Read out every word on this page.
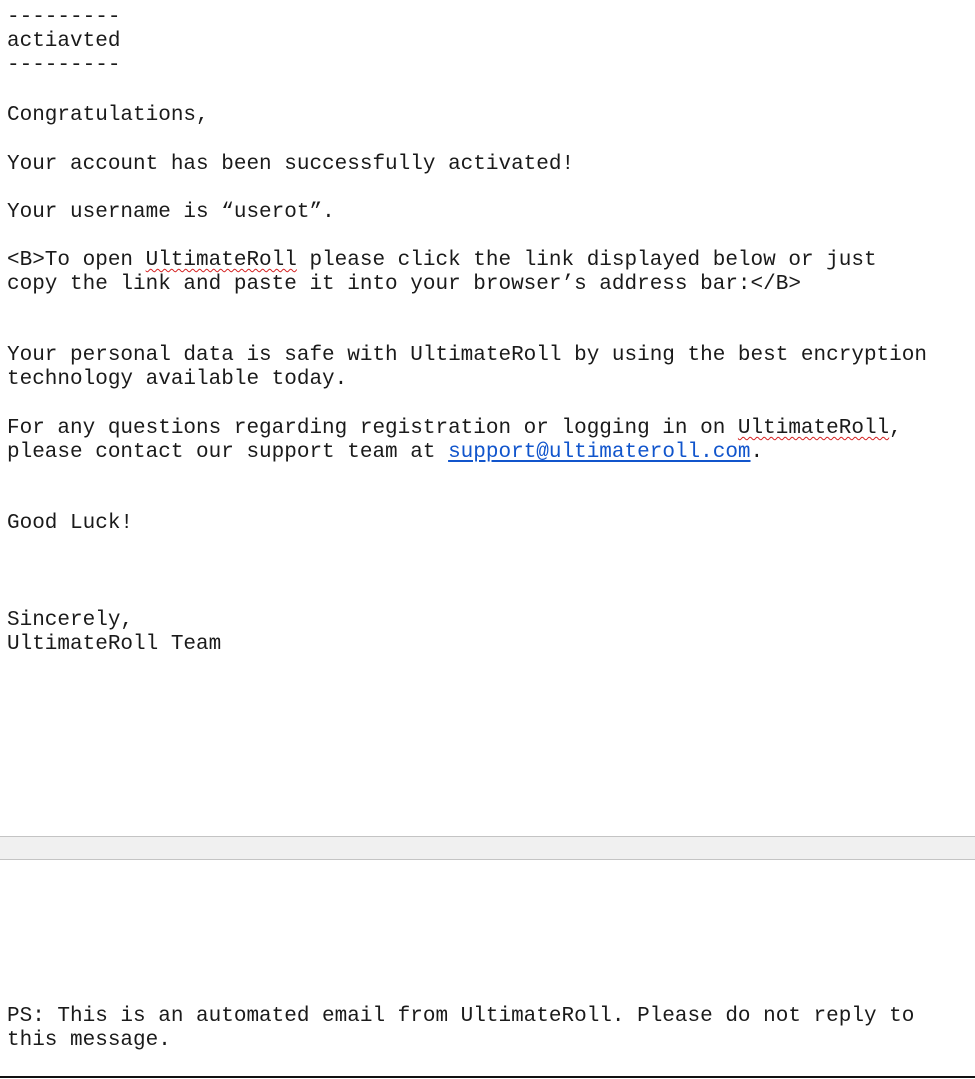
---------
actiavted
---------
Congratulations,
Your account has been successfully activated!
Your username is “userot”.
<B>To open UltimateRoll please click the link displayed below or just
copy the link and paste it into your browser’s address bar:</B>
Your personal data is safe with UltimateRoll by using the best encryption
technology available today.
For any questions regarding registration or logging in on UltimateRoll,
please contact our support team at support@ultimateroll.com.
Good Luck!
Sincerely,
UltimateRoll Team
PS: This is an automated email from UltimateRoll. Please do not reply to
this message.
